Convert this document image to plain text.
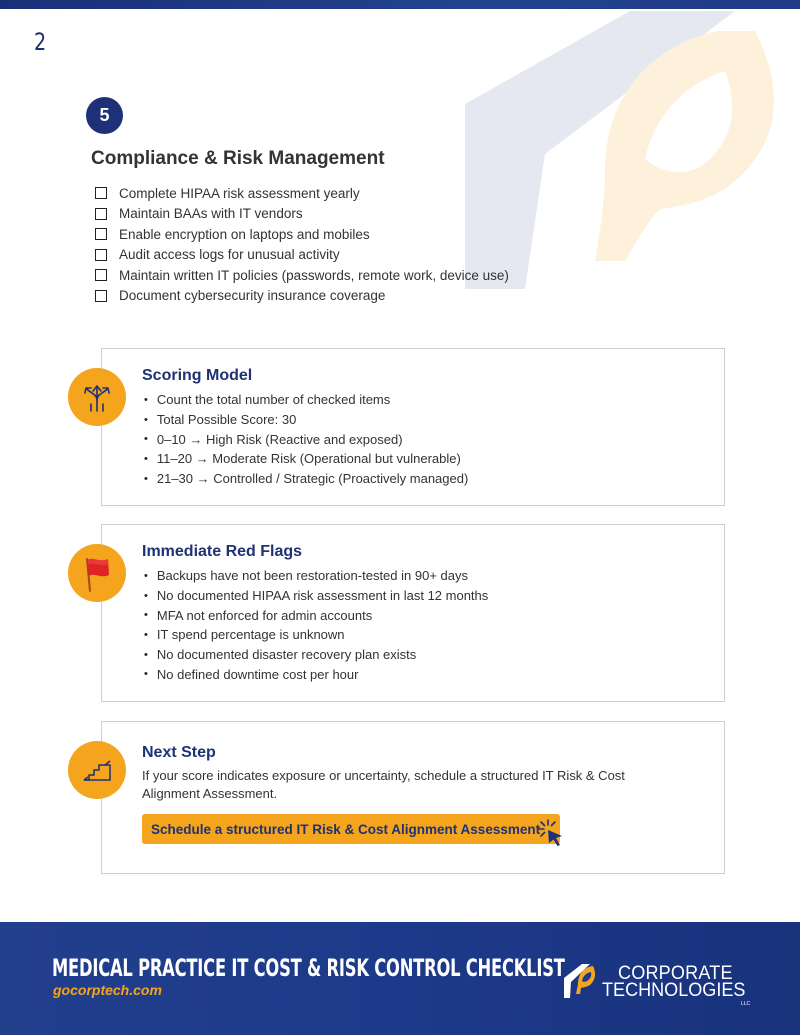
2
5
Compliance & Risk Management
Complete HIPAA risk assessment yearly
Maintain BAAs with IT vendors
Enable encryption on laptops and mobiles
Audit access logs for unusual activity
Maintain written IT policies (passwords, remote work, device use)
Document cybersecurity insurance coverage
Scoring Model
• Count the total number of checked items
• Total Possible Score: 30
• 0–10 → High Risk (Reactive and exposed)
• 11–20 → Moderate Risk (Operational but vulnerable)
• 21–30 → Controlled / Strategic (Proactively managed)
Immediate Red Flags
• Backups have not been restoration-tested in 90+ days
• No documented HIPAA risk assessment in last 12 months
• MFA not enforced for admin accounts
• IT spend percentage is unknown
• No documented disaster recovery plan exists
• No defined downtime cost per hour
Next Step

If your score indicates exposure or uncertainty, schedule a structured IT Risk & Cost Alignment Assessment.

Schedule a structured IT Risk & Cost Alignment Assessment
MEDICAL PRACTICE IT COST & RISK CONTROL CHECKLIST
gocorptech.com
CORPORATE
TECHNOLOGIES
LLC
